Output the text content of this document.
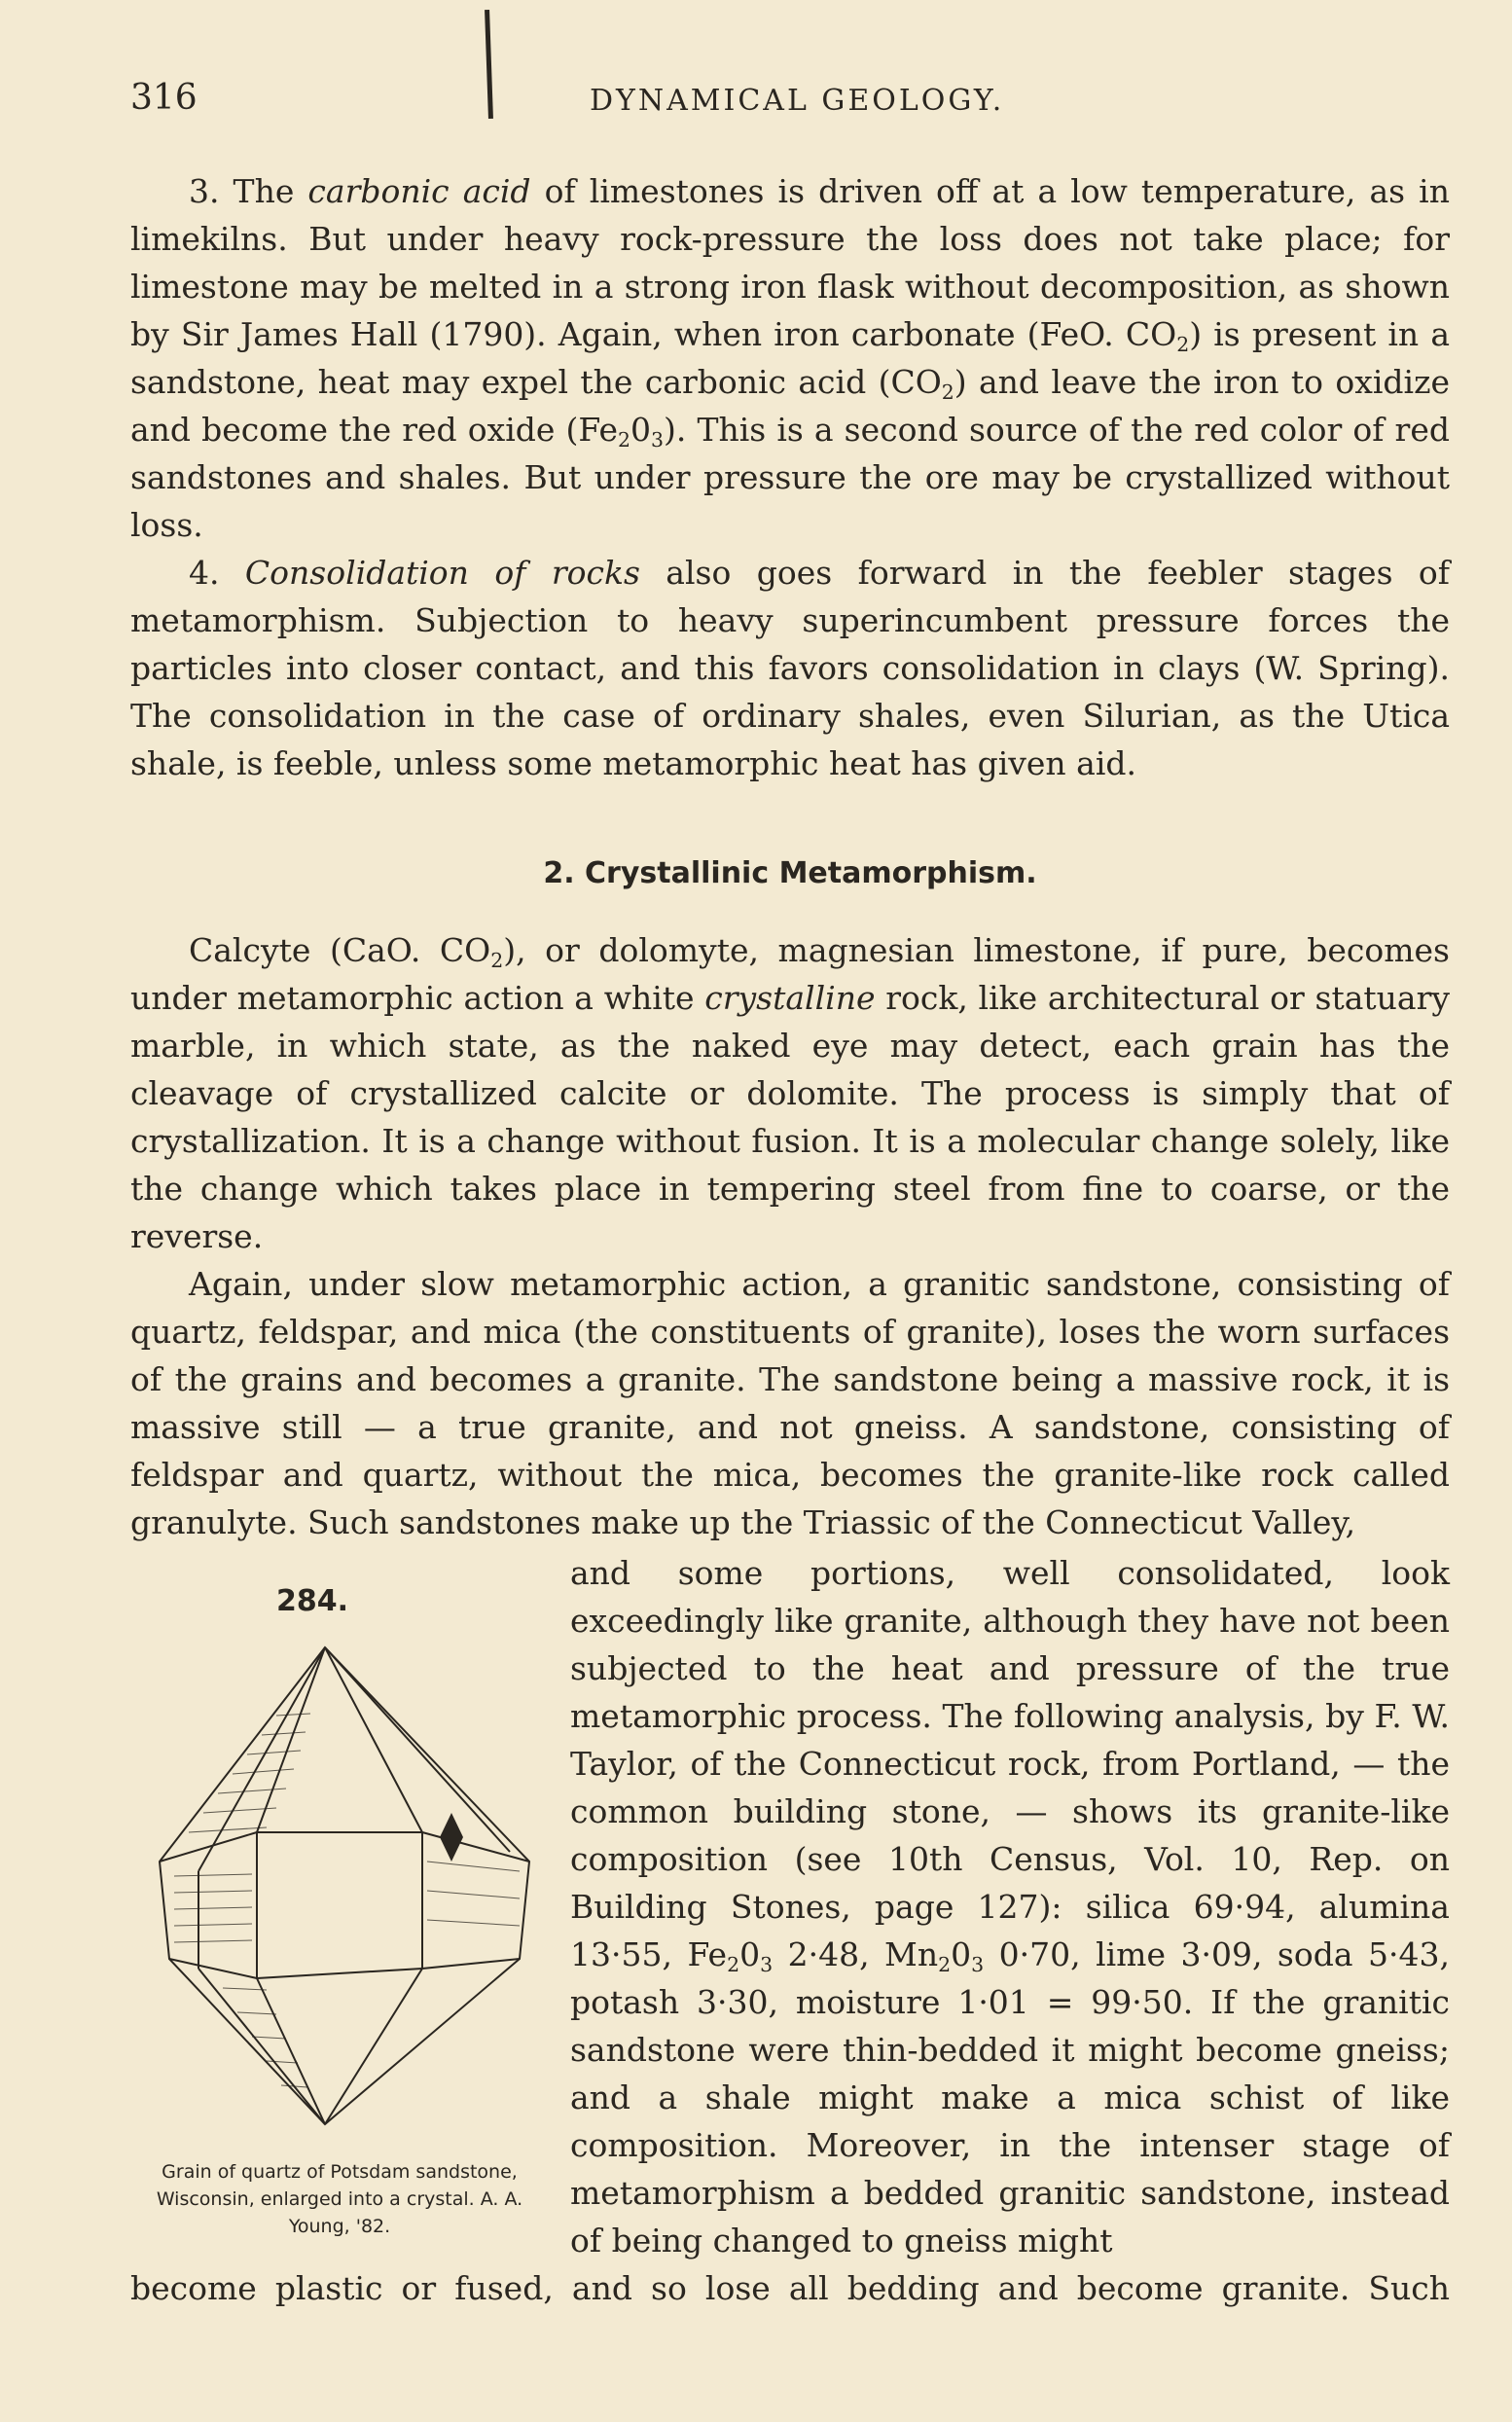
316	DYNAMICAL GEOLOGY.

3. The carbonic acid of limestones is driven off at a low temperature, as in limekilns. But under heavy rock-pressure the loss does not take place; for limestone may be melted in a strong iron flask without decomposition, as shown by Sir James Hall (1790). Again, when iron carbonate (FeO. $CO_2$) is present in a sandstone, heat may expel the carbonic acid $(CO_2)$ and leave the iron to oxidize and become the red oxide $(Fe_20_3)$. This is a second source of the red color of red sandstones and shales. But under pressure the ore may be crystallized without loss.

4. Consolidation of rocks also goes forward in the feebler stages of metamorphism. Subjection to heavy superincumbent pressure forces the particles into closer contact, and this favors consolidation in clays (W. Spring). The consolidation in the case of ordinary shales, even Silurian, as the Utica shale, is feeble, unless some metamorphic heat has given aid.

2. Crystallinic Metamorphism.

Calcyte (CaO. $CO_2$), or dolomyte, magnesian limestone, if pure, becomes under metamorphic action a white crystalline rock, like architectural or statuary marble, in which state, as the naked eye may detect, each grain has the cleavage of crystallized calcite or dolomite. The process is simply that of crystallization. It is a change without fusion. It is a molecular change solely, like the change which takes place in tempering steel from fine to coarse, or the reverse.

Again, under slow metamorphic action, a granitic sandstone, consisting of quartz, feldspar, and mica (the constituents of granite), loses the worn surfaces of the grains and becomes a granite. The sandstone being a massive rock, it is massive still — a true granite, and not gneiss. A sandstone, consisting of feldspar and quartz, without the mica, becomes the granite-like rock called granulyte. Such sandstones make up the Triassic of the Connecticut Valley,

284.
Grain of quartz of Potsdam sandstone, Wisconsin, enlarged into a crystal. A. A. Young, '82.

and some portions, well consolidated, look exceedingly like granite, although they have not been subjected to the heat and pressure of the true metamorphic process. The following analysis, by F. W. Taylor, of the Connecticut rock, from Portland, — the common building stone, — shows its granite-like composition (see 10th Census, Vol. 10, Rep. on Building Stones, page 127): silica 69·94, alumina 13·55, $Fe_20_3$ 2·48, $Mn_20_3$ 0·70, lime 3·09, soda 5·43, potash 3·30, moisture 1·01 = 99·50. If the granitic sandstone were thin-bedded it might become gneiss; and a shale might make a mica schist of like composition. Moreover, in the intenser stage of metamorphism a bedded granitic sandstone, instead of being changed to gneiss might

become plastic or fused, and so lose all bedding and become granite. Such
